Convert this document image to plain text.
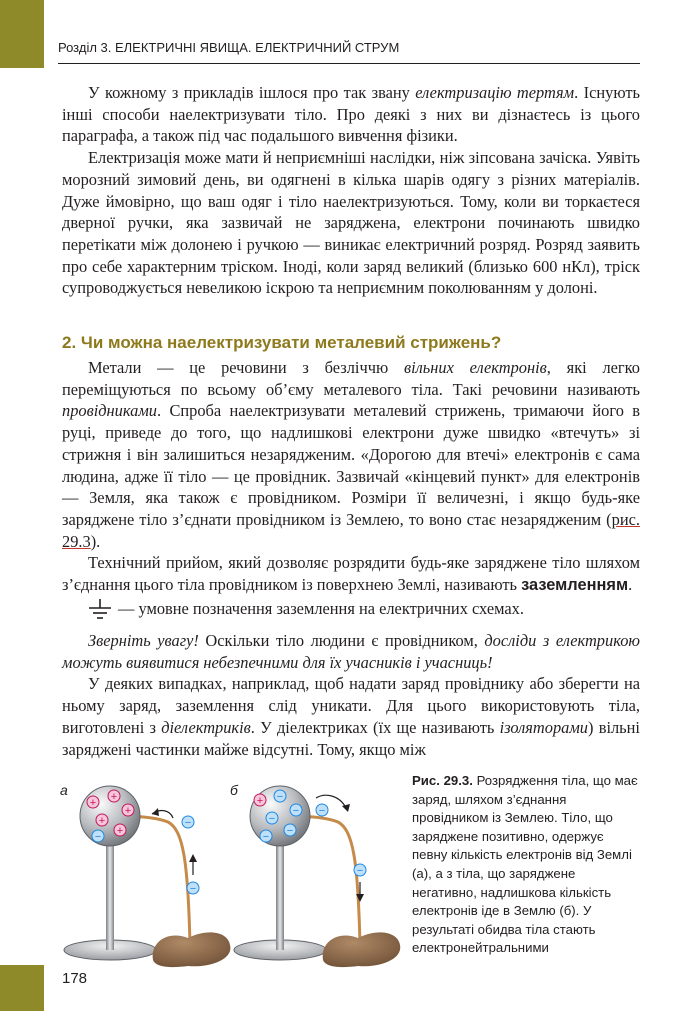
Розділ 3. ЕЛЕКТРИЧНІ ЯВИЩА. ЕЛЕКТРИЧНИЙ СТРУМ

У кожному з прикладів ішлося про так звану електризацію тертям. Існують інші способи наелектризувати тіло. Про деякі з них ви дізнаєтесь із цього параграфа, а також під час подальшого вивчення фізики.

Електризація може мати й неприємніші наслідки, ніж зіпсована зачіска. Уявіть морозний зимовий день, ви одягнені в кілька шарів одягу з різних матеріалів. Дуже ймовірно, що ваш одяг і тіло наелектризуються. Тому, коли ви торкаєтеся дверної ручки, яка зазвичай не заряджена, електрони починають швидко перетікати між долонею і ручкою — виникає електричний розряд. Розряд заявить про себе характерним тріском. Іноді, коли заряд великий (близько 600 нКл), тріск супроводжується невеликою іскрою та неприємним поколюванням у долоні.

2. Чи можна наелектризувати металевий стрижень?

Метали — це речовини з безліччю вільних електронів, які легко переміщуються по всьому об’єму металевого тіла. Такі речовини називають провідниками. Спроба наелектризувати металевий стрижень, тримаючи його в руці, приведе до того, що надлишкові електрони дуже швидко «втечуть» зі стрижня і він залишиться незарядженим. «Дорогою для втечі» електронів є сама людина, адже її тіло — це провідник. Зазвичай «кінцевий пункт» для електронів — Земля, яка також є провідником. Розміри її величезні, і якщо будь-яке заряджене тіло з’єднати провідником із Землею, то воно стає незарядженим (рис. 29.3).

Технічний прийом, який дозволяє розрядити будь-яке заряджене тіло шляхом з’єднання цього тіла провідником із поверхнею Землі, називають заземленням.

— умовне позначення заземлення на електричних схемах.

Зверніть увагу! Оскільки тіло людини є провідником, досліди з електрикою можуть виявитися небезпечними для їх учасників і учасниць!

У деяких випадках, наприклад, щоб надати заряд провіднику або зберегти на ньому заряд, заземлення слід уникати. Для цього використовують тіла, виготовлені з діелектриків. У діелектриках (їх ще називають ізоляторами) вільні заряджені частинки майже відсутні. Тому, якщо між

а	б
+ +
+
+
+
−
−
−
+ −
−
−
−
−
−
−
Рис. 29.3. Розрядження тіла, що має заряд, шляхом з’єднання провідником із Землею. Тіло, що заряджене позитивно, одержує певну кількість електронів від Землі (а), а з тіла, що заряджене негативно, надлишкова кількість електронів іде в Землю (б). У результаті обидва тіла стають електронейтральними
178
